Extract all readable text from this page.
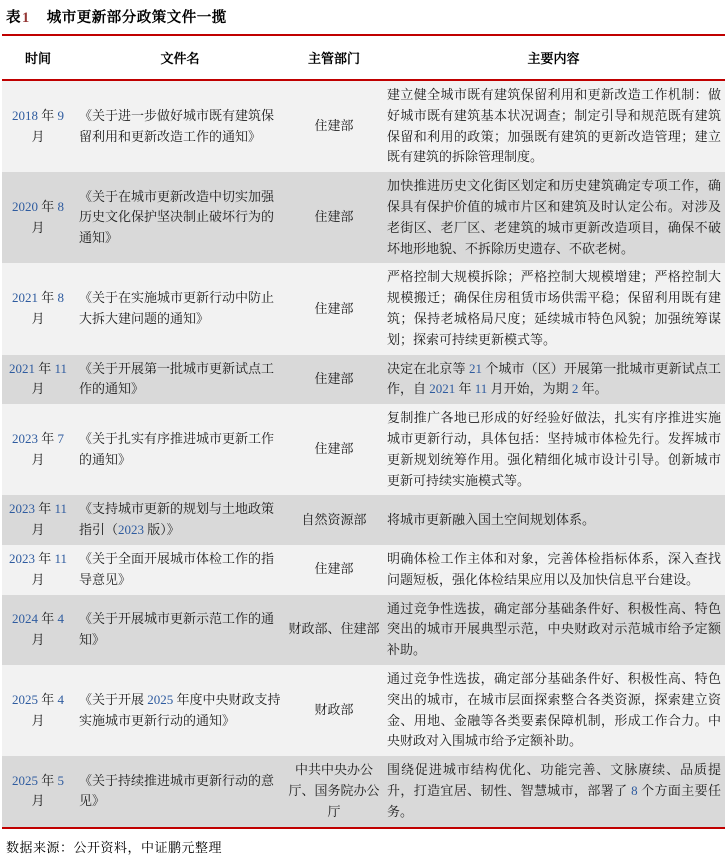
表1 城市更新部分政策文件一揽
时间	文件名	主管部门	主要内容
2018 年 9 月	《关于进一步做好城市既有建筑保留利用和更新改造工作的通知》	住建部	建立健全城市既有建筑保留利用和更新改造工作机制：做好城市既有建筑基本状况调查；制定引导和规范既有建筑保留和利用的政策；加强既有建筑的更新改造管理；建立既有建筑的拆除管理制度。
2020 年 8 月	《关于在城市更新改造中切实加强历史文化保护坚决制止破坏行为的通知》	住建部	加快推进历史文化街区划定和历史建筑确定专项工作，确保具有保护价值的城市片区和建筑及时认定公布。对涉及老街区、老厂区、老建筑的城市更新改造项目，确保不破坏地形地貌、不拆除历史遗存、不砍老树。
2021 年 8 月	《关于在实施城市更新行动中防止大拆大建问题的通知》	住建部	严格控制大规模拆除；严格控制大规模增建；严格控制大规模搬迁；确保住房租赁市场供需平稳；保留利用既有建筑；保持老城格局尺度；延续城市特色风貌；加强统筹谋划；探索可持续更新模式等。
2021 年 11 月	《关于开展第一批城市更新试点工作的通知》	住建部	决定在北京等 21 个城市（区）开展第一批城市更新试点工作，自 2021 年 11 月开始，为期 2 年。
2023 年 7 月	《关于扎实有序推进城市更新工作的通知》	住建部	复制推广各地已形成的好经验好做法，扎实有序推进实施城市更新行动，具体包括：坚持城市体检先行。发挥城市更新规划统筹作用。强化精细化城市设计引导。创新城市更新可持续实施模式等。
2023 年 11 月	《支持城市更新的规划与土地政策指引（2023 版）》	自然资源部	将城市更新融入国土空间规划体系。
2023 年 11 月	《关于全面开展城市体检工作的指导意见》	住建部	明确体检工作主体和对象，完善体检指标体系，深入查找问题短板，强化体检结果应用以及加快信息平台建设。
2024 年 4 月	《关于开展城市更新示范工作的通知》	财政部、住建部	通过竞争性选拔，确定部分基础条件好、积极性高、特色突出的城市开展典型示范，中央财政对示范城市给予定额补助。
2025 年 4 月	《关于开展 2025 年度中央财政支持实施城市更新行动的通知》	财政部	通过竞争性选拔，确定部分基础条件好、积极性高、特色突出的城市，在城市层面探索整合各类资源，探索建立资金、用地、金融等各类要素保障机制，形成工作合力。中央财政对入围城市给予定额补助。
2025 年 5 月	《关于持续推进城市更新行动的意见》	中共中央办公厅、国务院办公厅	围绕促进城市结构优化、功能完善、文脉赓续、品质提升，打造宜居、韧性、智慧城市，部署了 8 个方面主要任务。
数据来源：公开资料，中证鹏元整理
